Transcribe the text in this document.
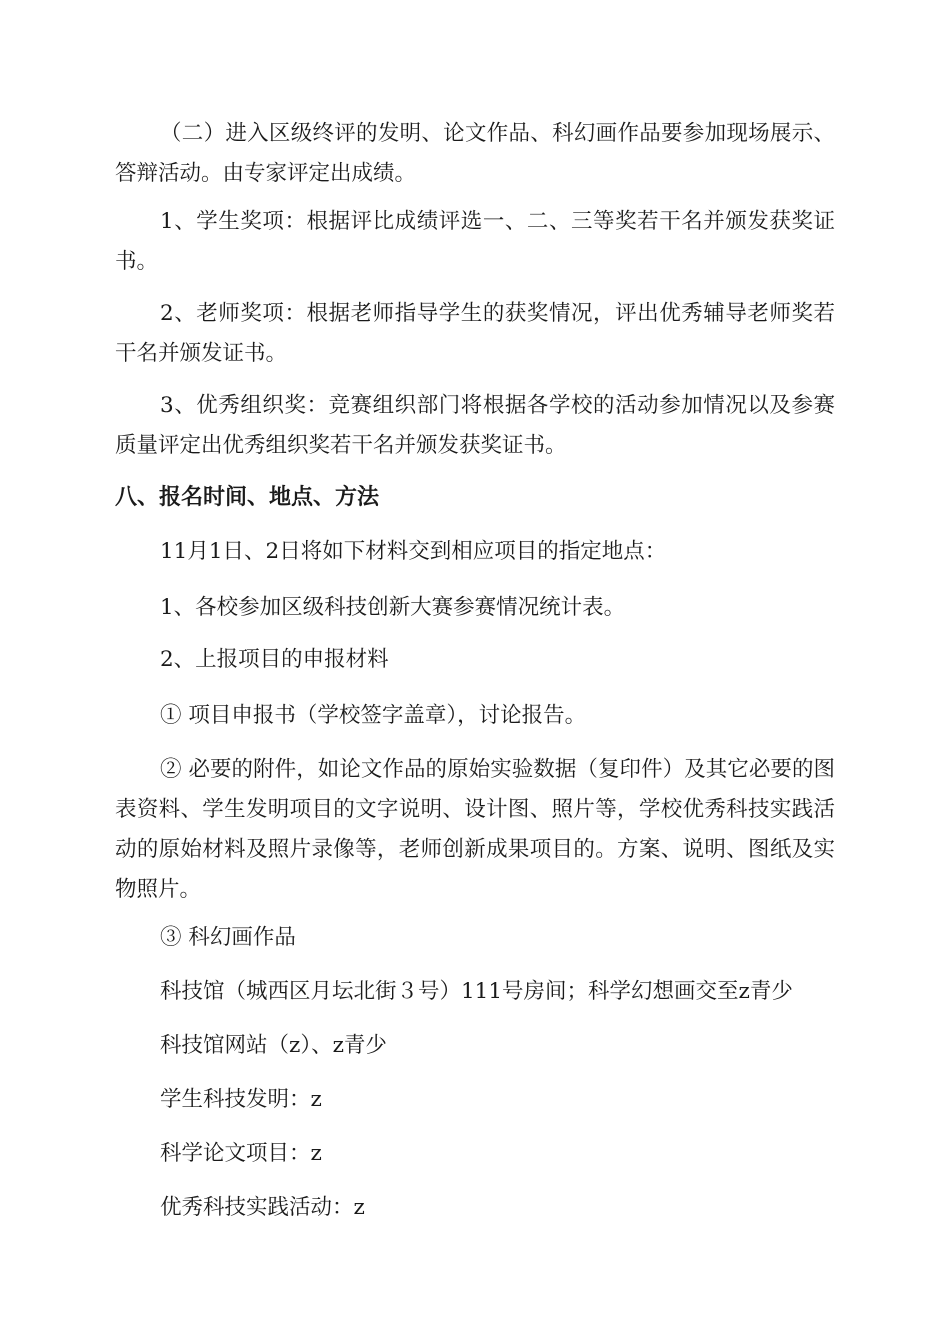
（二）进入区级终评的发明、论文作品、科幻画作品要参加现场展示、答辩活动。由专家评定出成绩。

1、学生奖项：根据评比成绩评选一、二、三等奖若干名并颁发获奖证书。

2、老师奖项：根据老师指导学生的获奖情况，评出优秀辅导老师奖若干名并颁发证书。

3、优秀组织奖：竞赛组织部门将根据各学校的活动参加情况以及参赛质量评定出优秀组织奖若干名并颁发获奖证书。

八、报名时间、地点、方法

11月1日、2日将如下材料交到相应项目的指定地点：

1、各校参加区级科技创新大赛参赛情况统计表。

2、上报项目的申报材料

① 项目申报书（学校签字盖章），讨论报告。

② 必要的附件，如论文作品的原始实验数据（复印件）及其它必要的图表资料、学生发明项目的文字说明、设计图、照片等，学校优秀科技实践活动的原始材料及照片录像等，老师创新成果项目的。方案、说明、图纸及实物照片。

③ 科幻画作品

科技馆（城西区月坛北街３号）111号房间；科学幻想画交至z青少

科技馆网站（z）、z青少

学生科技发明：z

科学论文项目：z

优秀科技实践活动：z
